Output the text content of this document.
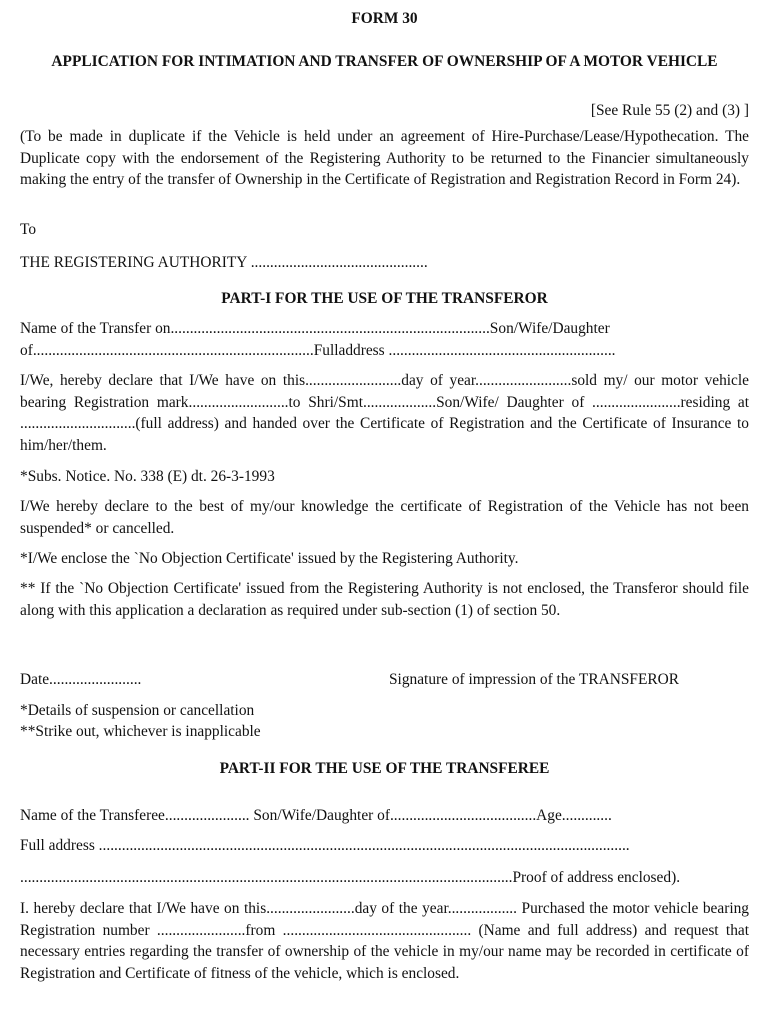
FORM 30
APPLICATION FOR INTIMATION AND TRANSFER OF OWNERSHIP OF A MOTOR VEHICLE
[See Rule 55 (2) and (3) ]
(To be made in duplicate if the Vehicle is held under an agreement of Hire-Purchase/Lease/Hypothecation. The Duplicate copy with the endorsement of the Registering Authority to be returned to the Financier simultaneously making the entry of the transfer of Ownership in the Certificate of Registration and Registration Record in Form 24).
To
THE REGISTERING AUTHORITY ..............................................
PART-I FOR THE USE OF THE TRANSFEROR
Name of the Transfer on...................................................................................Son/Wife/Daughter
of.........................................................................Fulladdress ...........................................................
I/We, hereby declare that I/We have on this.........................day of year.........................sold my/ our motor vehicle bearing Registration mark..........................to Shri/Smt...................Son/Wife/ Daughter of .......................residing at ..............................(full address) and handed over the Certificate of Registration and the Certificate of Insurance to him/her/them.
*Subs. Notice. No. 338 (E) dt. 26-3-1993
I/We hereby declare to the best of my/our knowledge the certificate of Registration of the Vehicle has not been suspended* or cancelled.
*I/We enclose the `No Objection Certificate' issued by the Registering Authority.
** If the `No Objection Certificate' issued from the Registering Authority is not enclosed, the Transferor should file along with this application a declaration as required under sub-section (1) of section 50.
Date........................	Signature of impression of the TRANSFEROR
*Details of suspension or cancellation
**Strike out, whichever is inapplicable
PART-II FOR THE USE OF THE TRANSFEREE
Name of the Transferee...................... Son/Wife/Daughter of......................................Age.............
Full address ..........................................................................................................................................
................................................................................................................................Proof of address enclosed).
I. hereby declare that I/We have on this.......................day of the year.................. Purchased the motor vehicle bearing Registration number .......................from ................................................. (Name and full address) and request that necessary entries regarding the transfer of ownership of the vehicle in my/our name may be recorded in certificate of Registration and Certificate of fitness of the vehicle, which is enclosed.
